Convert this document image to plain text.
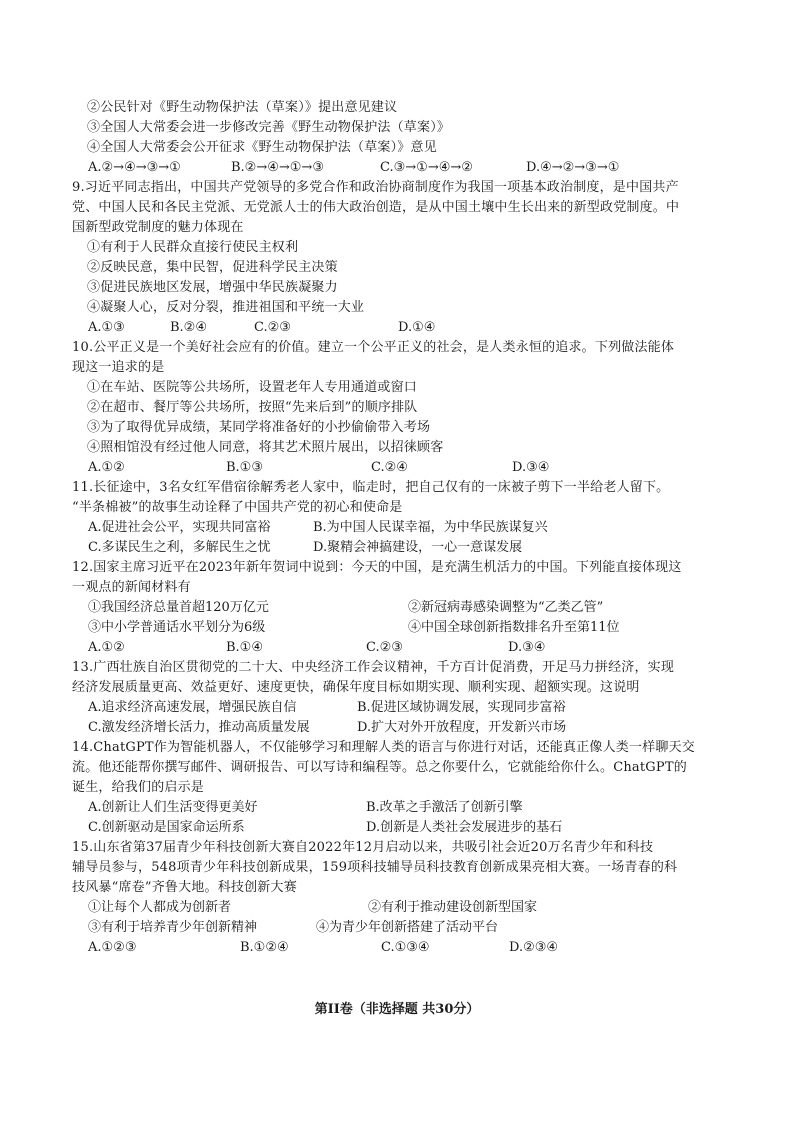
②公民针对《野生动物保护法（草案）》提出意见建议
③全国人大常委会进一步修改完善《野生动物保护法（草案）》
④全国人大常委会公开征求《野生动物保护法（草案）》意见
A.②→④→③→①	B.②→④→①→③	C.③→①→④→②	D.④→②→③→①
9.习近平同志指出，中国共产党领导的多党合作和政治协商制度作为我国一项基本政治制度，是中国共产
党、中国人民和各民主党派、无党派人士的伟大政治创造，是从中国土壤中生长出来的新型政党制度。中
国新型政党制度的魅力体现在
①有利于人民群众直接行使民主权利
②反映民意，集中民智，促进科学民主决策
③促进民族地区发展，增强中华民族凝聚力
④凝聚人心，反对分裂，推进祖国和平统一大业
A.①③	B.②④	C.②③	D.①④
10.公平正义是一个美好社会应有的价值。建立一个公平正义的社会，是人类永恒的追求。下列做法能体
现这一追求的是
①在车站、医院等公共场所，设置老年人专用通道或窗口
②在超市、餐厅等公共场所，按照“先来后到”的顺序排队
③为了取得优异成绩，某同学将准备好的小抄偷偷带入考场
④照相馆没有经过他人同意，将其艺术照片展出，以招徕顾客
A.①②	B.①③	C.②④	D.③④
11.长征途中，3名女红军借宿徐解秀老人家中，临走时，把自己仅有的一床被子剪下一半给老人留下。
“半条棉被”的故事生动诠释了中国共产党的初心和使命是
A.促进社会公平，实现共同富裕	B.为中国人民谋幸福，为中华民族谋复兴
C.多谋民生之利，多解民生之忧	D.聚精会神搞建设，一心一意谋发展
12.国家主席习近平在2023年新年贺词中说到：今天的中国，是充满生机活力的中国。下列能直接体现这
一观点的新闻材料有
①我国经济总量首超120万亿元	②新冠病毒感染调整为“乙类乙管”
③中小学普通话水平划分为6级	④中国全球创新指数排名升至第11位
A.①②	B.①④	C.②③	D.③④
13.广西壮族自治区贯彻党的二十大、中央经济工作会议精神，千方百计促消费，开足马力拼经济，实现
经济发展质量更高、效益更好、速度更快，确保年度目标如期实现、顺利实现、超额实现。这说明
A.追求经济高速发展，增强民族自信	B.促进区域协调发展，实现同步富裕
C.激发经济增长活力，推动高质量发展	D.扩大对外开放程度，开发新兴市场
14.ChatGPT作为智能机器人，不仅能够学习和理解人类的语言与你进行对话，还能真正像人类一样聊天交
流。他还能帮你撰写邮件、调研报告、可以写诗和编程等。总之你要什么，它就能给你什么。ChatGPT的
诞生，给我们的启示是
A.创新让人们生活变得更美好	B.改革之手激活了创新引擎
C.创新驱动是国家命运所系	D.创新是人类社会发展进步的基石
15.山东省第37届青少年科技创新大赛自2022年12月启动以来，共吸引社会近20万名青少年和科技
辅导员参与，548项青少年科技创新成果，159项科技辅导员科技教育创新成果亮相大赛。一场青春的科
技风暴“席卷”齐鲁大地。科技创新大赛
①让每个人都成为创新者	②有利于推动建设创新型国家
③有利于培养青少年创新精神	④为青少年创新搭建了活动平台
A.①②③	B.①②④	C.①③④	D.②③④
第II卷（非选择题 共30分）
